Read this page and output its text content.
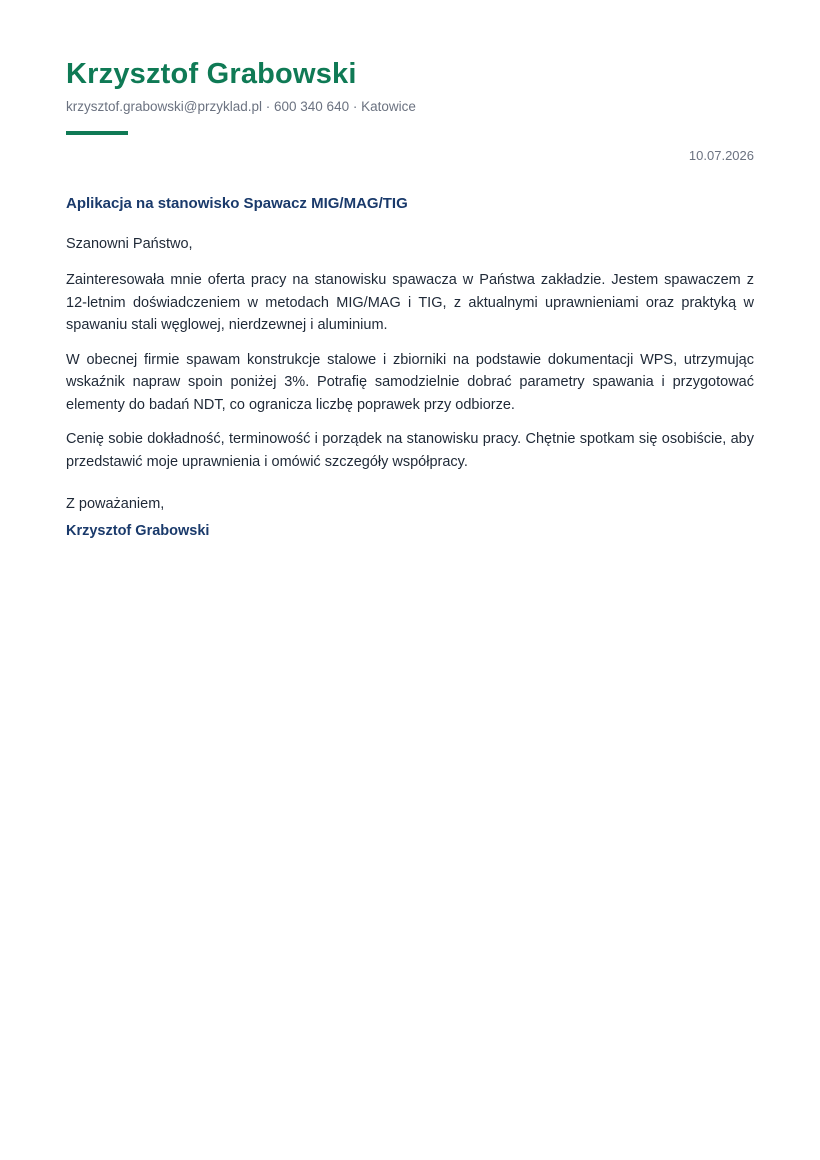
Krzysztof Grabowski
krzysztof.grabowski@przyklad.pl · 600 340 640 · Katowice
10.07.2026
Aplikacja na stanowisko Spawacz MIG/MAG/TIG
Szanowni Państwo,

Zainteresowała mnie oferta pracy na stanowisku spawacza w Państwa zakładzie. Jestem spawaczem z 12-letnim doświadczeniem w metodach MIG/MAG i TIG, z aktualnymi uprawnieniami oraz praktyką w spawaniu stali węglowej, nierdzewnej i aluminium.

W obecnej firmie spawam konstrukcje stalowe i zbiorniki na podstawie dokumentacji WPS, utrzymując wskaźnik napraw spoin poniżej 3%. Potrafię samodzielnie dobrać parametry spawania i przygotować elementy do badań NDT, co ogranicza liczbę poprawek przy odbiorze.

Cenię sobie dokładność, terminowość i porządek na stanowisku pracy. Chętnie spotkam się osobiście, aby przedstawić moje uprawnienia i omówić szczegóły współpracy.

Z poważaniem,
Krzysztof Grabowski
